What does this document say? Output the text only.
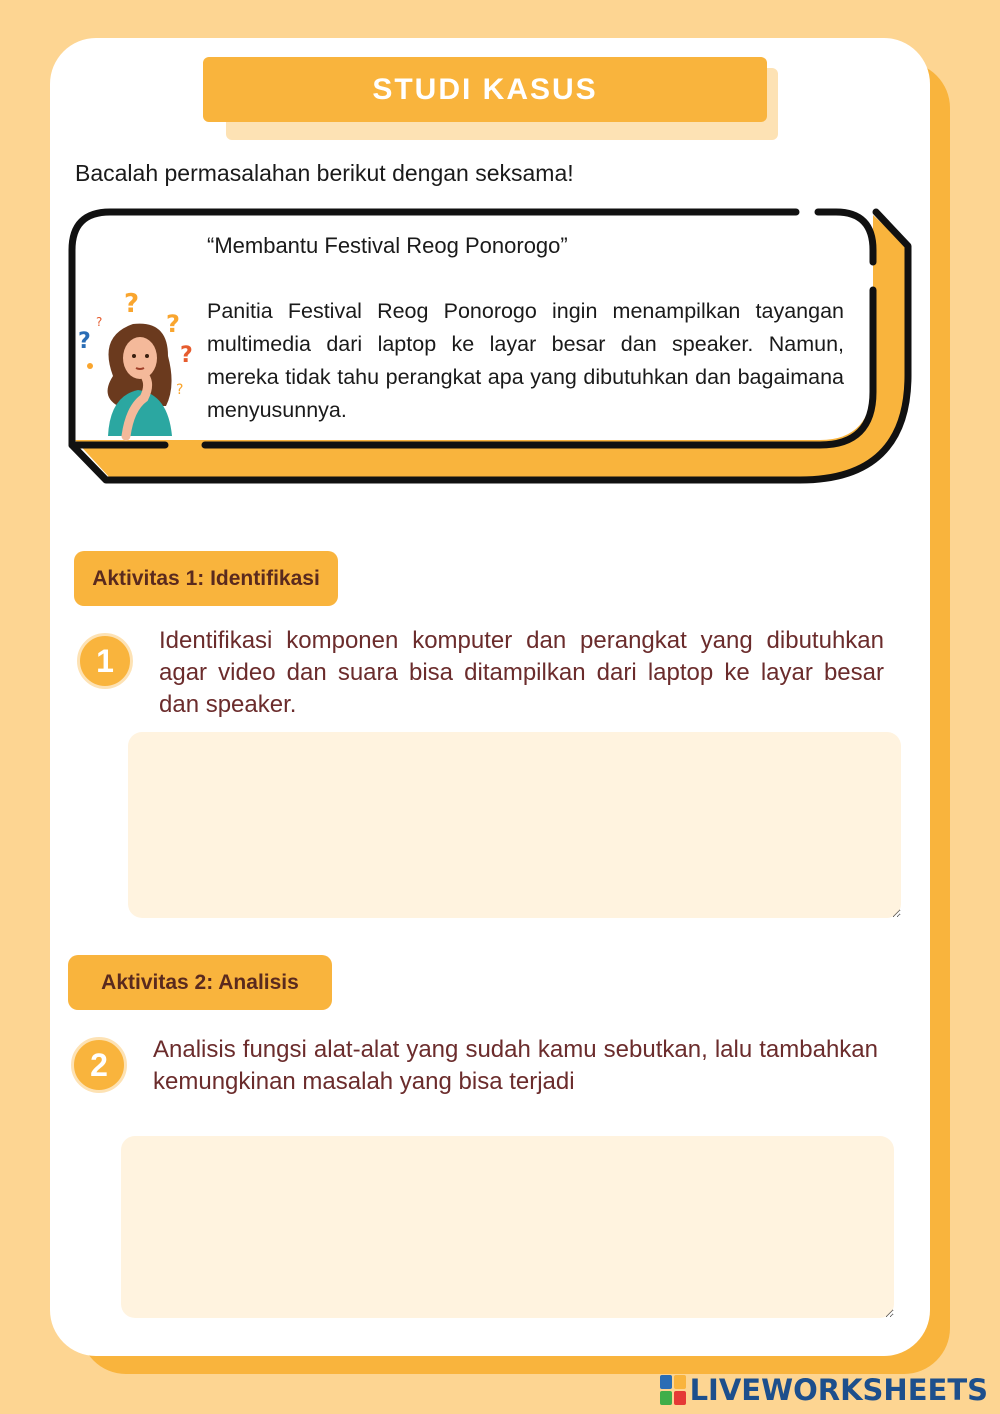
STUDI KASUS
Bacalah permasalahan berikut dengan seksama!
?
?
?
?
?
?
“Membantu Festival Reog Ponorogo”
Panitia Festival Reog Ponorogo ingin menampilkan tayangan multimedia dari laptop ke layar besar dan speaker. Namun, mereka tidak tahu perangkat apa yang dibutuhkan dan bagaimana menyusunnya.
Aktivitas 1: Identifikasi
1
Identifikasi komponen komputer dan perangkat yang dibutuhkan agar video dan suara bisa ditampilkan dari laptop ke layar besar dan speaker.
Aktivitas 2: Analisis
2	Analisis fungsi alat-alat yang sudah kamu sebutkan, lalu tambahkan kemungkinan masalah yang bisa terjadi
LIVEWORKSHEETS
